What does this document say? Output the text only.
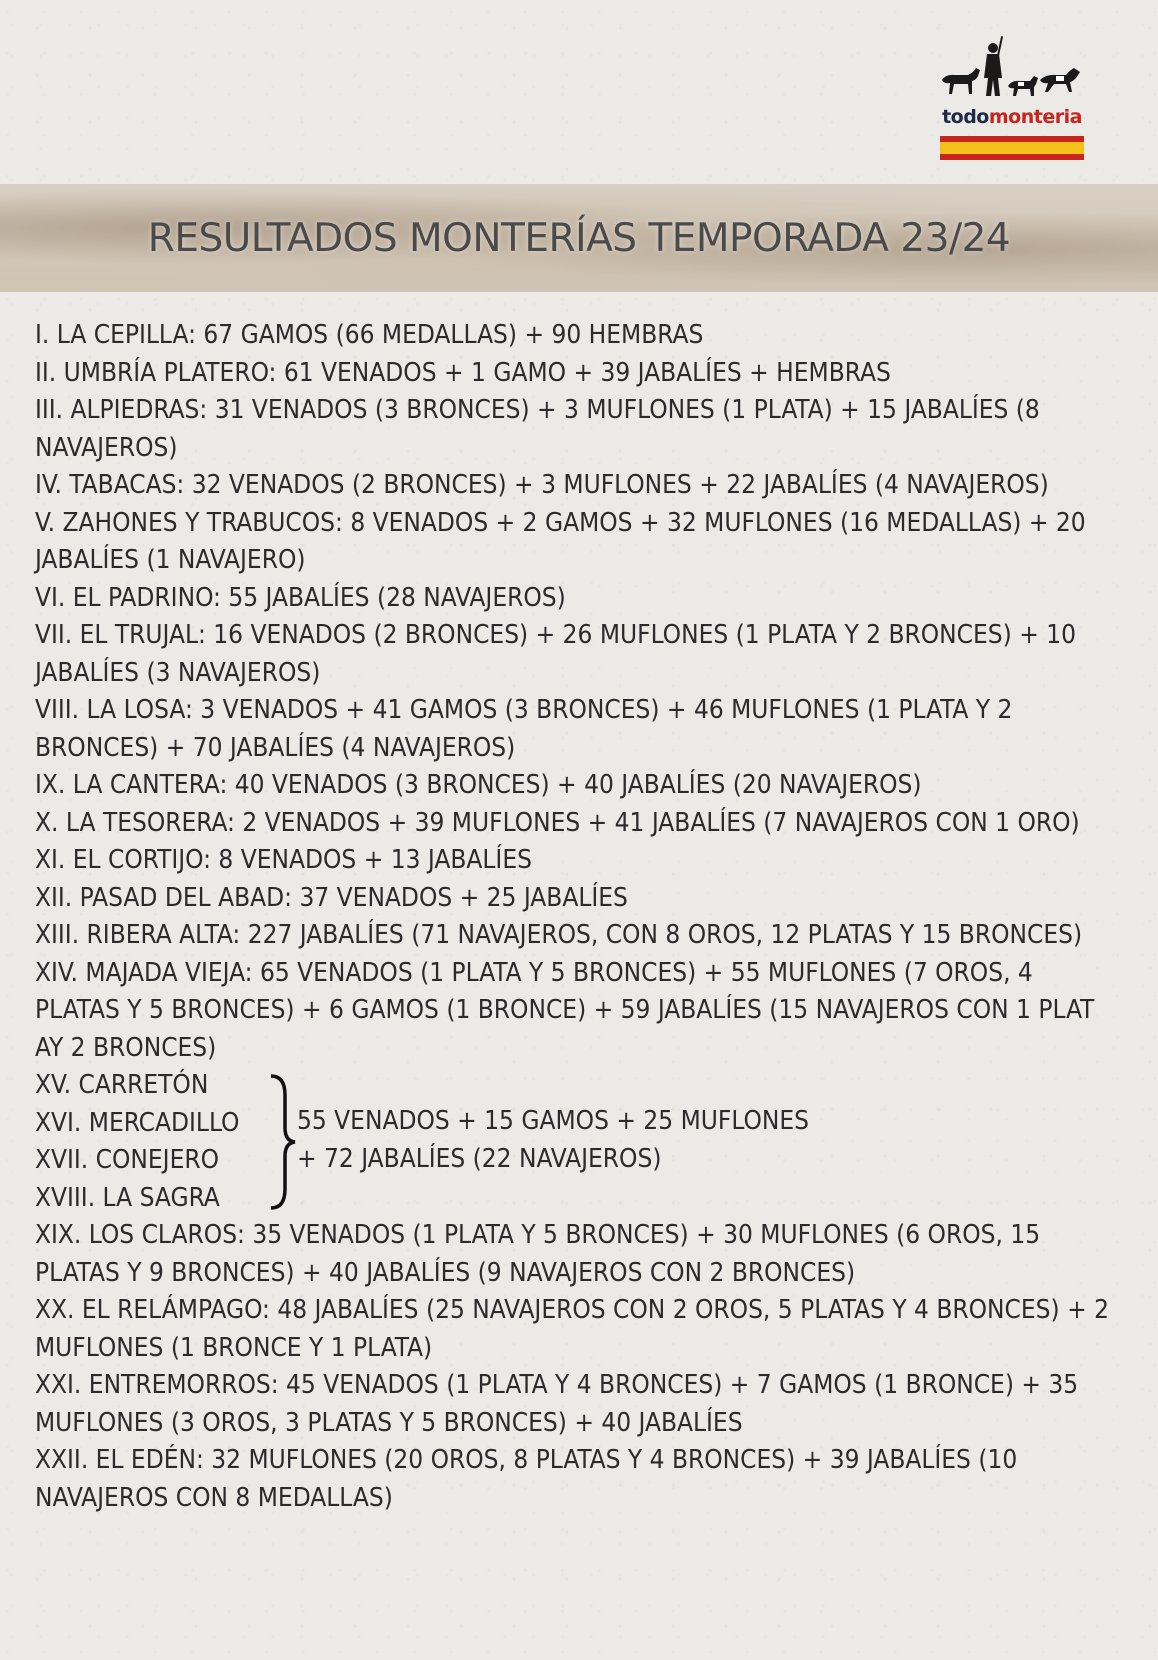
todomonteria
RESULTADOS MONTERÍAS TEMPORADA 23/24

I. LA CEPILLA: 67 GAMOS (66 MEDALLAS) + 90 HEMBRAS

II. UMBRÍA PLATERO: 61 VENADOS + 1 GAMO + 39 JABALÍES + HEMBRAS

III. ALPIEDRAS: 31 VENADOS (3 BRONCES) + 3 MUFLONES (1 PLATA) + 15 JABALÍES (8 NAVAJEROS)

IV. TABACAS: 32 VENADOS (2 BRONCES) + 3 MUFLONES + 22 JABALÍES (4 NAVAJEROS)

V. ZAHONES Y TRABUCOS: 8 VENADOS + 2 GAMOS + 32 MUFLONES (16 MEDALLAS) + 20 JABALÍES (1 NAVAJERO)

VI. EL PADRINO: 55 JABALÍES (28 NAVAJEROS)

VII. EL TRUJAL: 16 VENADOS (2 BRONCES) + 26 MUFLONES (1 PLATA Y 2 BRONCES) + 10 JABALÍES (3 NAVAJEROS)

VIII. LA LOSA: 3 VENADOS + 41 GAMOS (3 BRONCES) + 46 MUFLONES (1 PLATA Y 2 BRONCES) + 70 JABALÍES (4 NAVAJEROS)

IX. LA CANTERA: 40 VENADOS (3 BRONCES) + 40 JABALÍES (20 NAVAJEROS)

X. LA TESORERA: 2 VENADOS + 39 MUFLONES + 41 JABALÍES (7 NAVAJEROS CON 1 ORO)

XI. EL CORTIJO: 8 VENADOS + 13 JABALÍES

XII. PASAD DEL ABAD: 37 VENADOS + 25 JABALÍES

XIII. RIBERA ALTA: 227 JABALÍES (71 NAVAJEROS, CON 8 OROS, 12 PLATAS Y 15 BRONCES)

XIV. MAJADA VIEJA: 65 VENADOS (1 PLATA Y 5 BRONCES) + 55 MUFLONES (7 OROS, 4 PLATAS Y 5 BRONCES) + 6 GAMOS (1 BRONCE) + 59 JABALÍES (15 NAVAJEROS CON 1 PLAT AY 2 BRONCES)

XV. CARRETÓN

XVI. MERCADILLO

XVII. CONEJERO

XVIII. LA SAGRA

55 VENADOS + 15 GAMOS + 25 MUFLONES

+ 72 JABALÍES (22 NAVAJEROS)

XIX. LOS CLAROS: 35 VENADOS (1 PLATA Y 5 BRONCES) + 30 MUFLONES (6 OROS, 15 PLATAS Y 9 BRONCES) + 40 JABALÍES (9 NAVAJEROS CON 2 BRONCES)

XX. EL RELÁMPAGO: 48 JABALÍES (25 NAVAJEROS CON 2 OROS, 5 PLATAS Y 4 BRONCES) + 2 MUFLONES (1 BRONCE Y 1 PLATA)

XXI. ENTREMORROS: 45 VENADOS (1 PLATA Y 4 BRONCES) + 7 GAMOS (1 BRONCE) + 35 MUFLONES (3 OROS, 3 PLATAS Y 5 BRONCES) + 40 JABALÍES

XXII. EL EDÉN: 32 MUFLONES (20 OROS, 8 PLATAS Y 4 BRONCES) + 39 JABALÍES (10 NAVAJEROS CON 8 MEDALLAS)
